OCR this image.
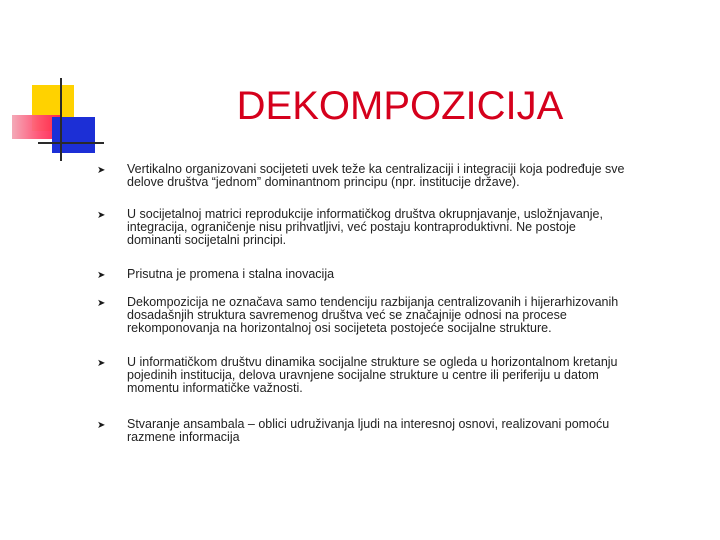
DEKOMPOZICIJA
➤	Vertikalno organizovani socijeteti uvek teže ka centralizaciji i integraciji koja podređuje sve
delove društva “jednom” dominantnom principu (npr. institucije države).
➤	U socijetalnoj matrici reprodukcije informatičkog društva okrupnjavanje, usložnjavanje,
integracija, ograničenje nisu prihvatljivi, već postaju kontraproduktivni. Ne postoje
dominanti socijetalni principi.
➤	Prisutna je promena i stalna inovacija
➤	Dekompozicija ne označava samo tendenciju razbijanja centralizovanih i hijerarhizovanih
dosadašnjih struktura savremenog društva već se značajnije odnosi na procese
rekomponovanja na horizontalnoj osi socijeteta postojeće socijalne strukture.
➤	U informatičkom društvu dinamika socijalne strukture se ogleda u horizontalnom kretanju
pojedinih institucija, delova uravnjene socijalne strukture u centre ili periferiju u datom
momentu informatičke važnosti.
➤	Stvaranje ansambala – oblici udruživanja ljudi na interesnoj osnovi, realizovani pomoću
razmene informacija
